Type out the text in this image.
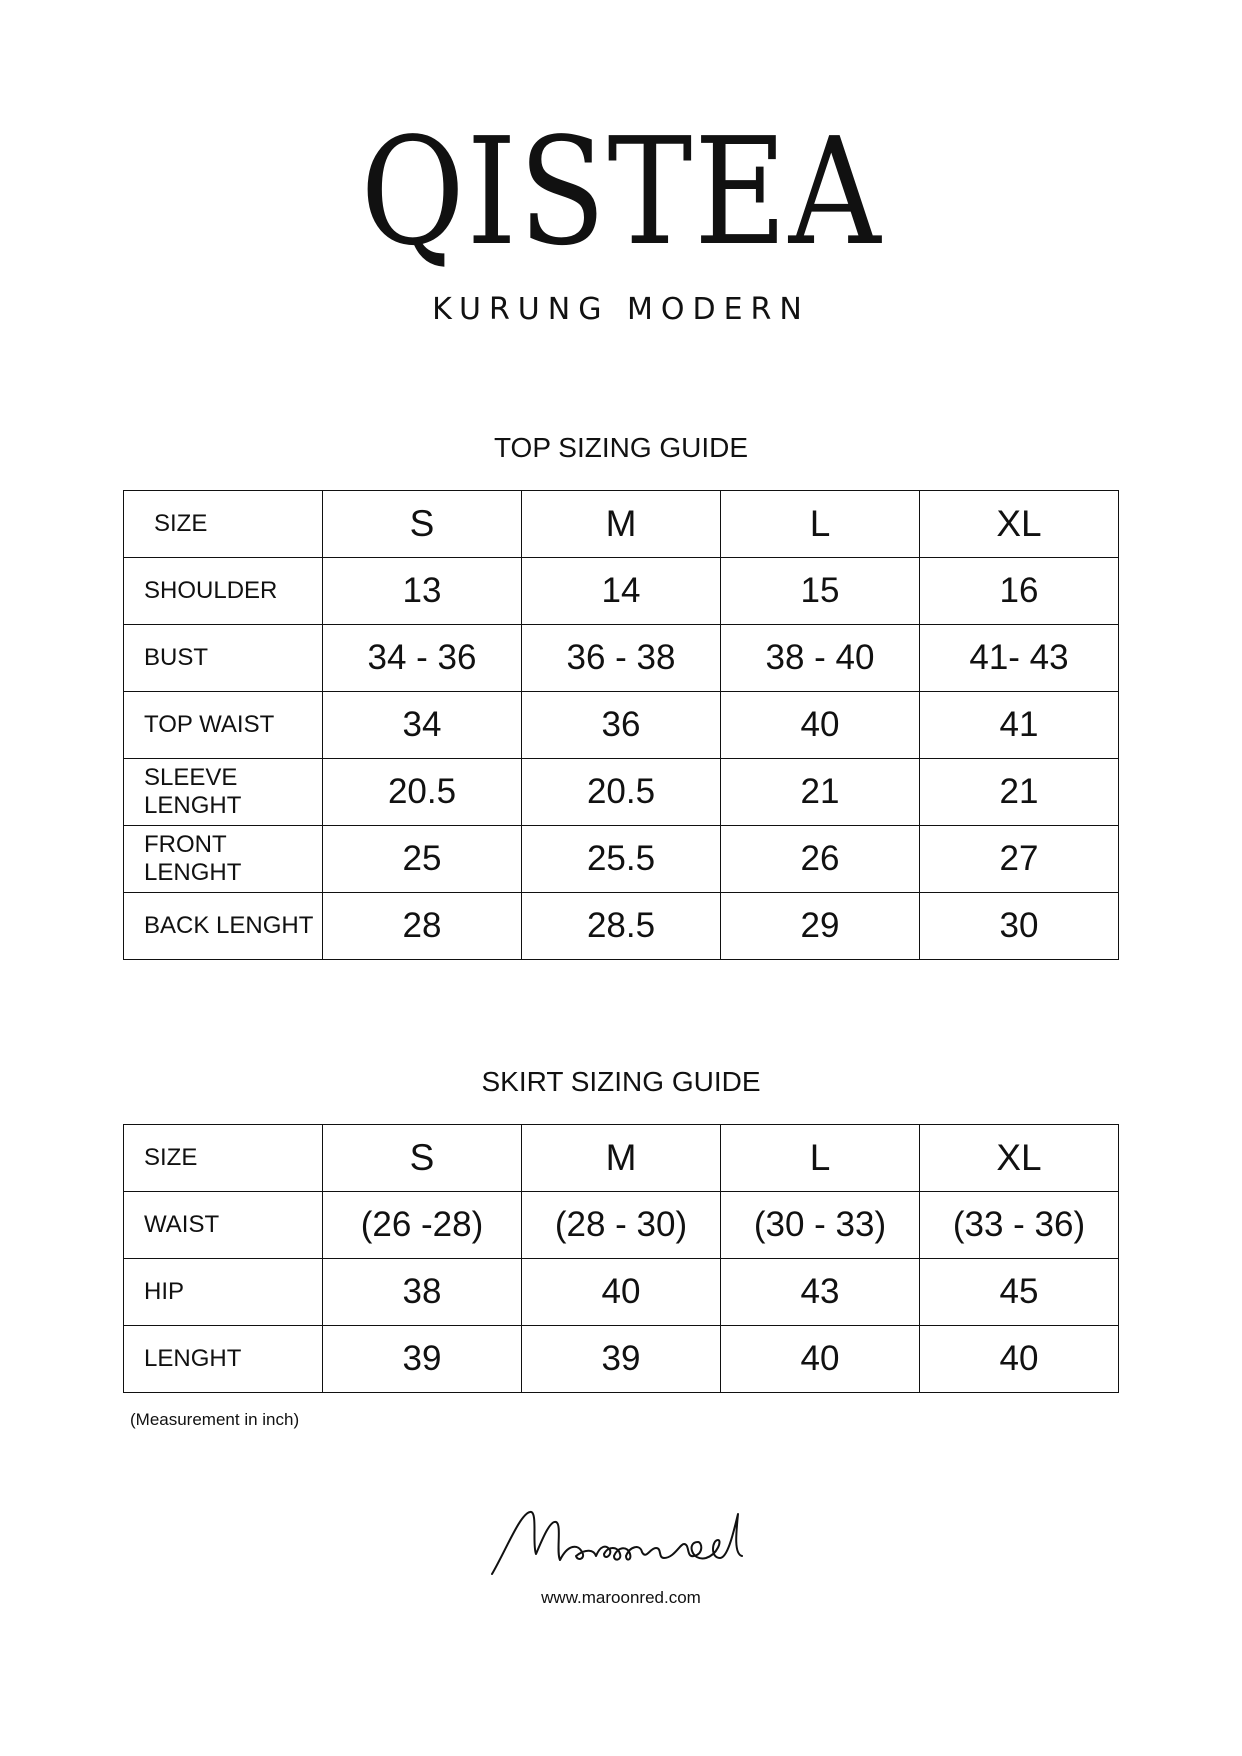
QISTEA
KURUNG MODERN
TOP SIZING GUIDE
SIZE	S	M	L	XL
SHOULDER	13	14	15	16
BUST	34 - 36	36 - 38	38 - 40	41- 43
TOP WAIST	34	36	40	41
SLEEVE LENGHT	20.5	20.5	21	21
FRONT LENGHT	25	25.5	26	27
BACK LENGHT	28	28.5	29	30
SKIRT SIZING GUIDE
SIZE	S	M	L	XL
WAIST	(26 -28)	(28 - 30)	(30 - 33)	(33 - 36)
HIP	38	40	43	45
LENGHT	39	39	40	40
(Measurement in inch)
www.maroonred.com
